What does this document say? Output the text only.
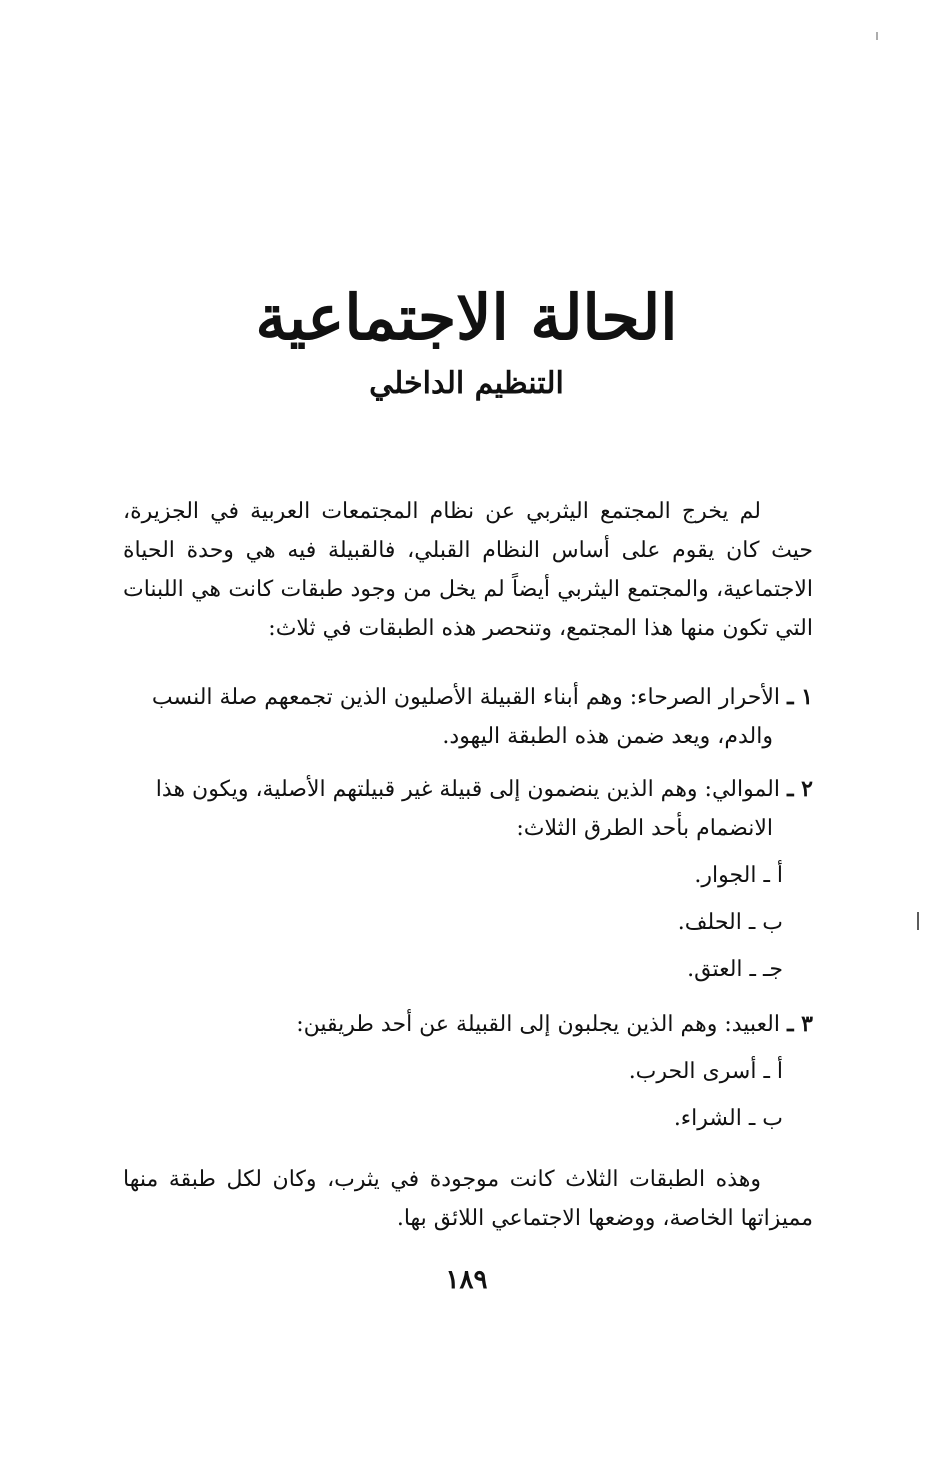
الحالة الاجتماعية
التنظيم الداخلي
لم يخرج المجتمع اليثربي عن نظام المجتمعات العربية في الجزيرة، حيث كان يقوم على أساس النظام القبلي، فالقبيلة فيه هي وحدة الحياة الاجتماعية، والمجتمع اليثربي أيضاً لم يخل من وجود طبقات كانت هي اللبنات التي تكون منها هذا المجتمع، وتنحصر هذه الطبقات في ثلاث:
١ ـ الأحرار الصرحاء: وهم أبناء القبيلة الأصليون الذين تجمعهم صلة النسب
والدم، ويعد ضمن هذه الطبقة اليهود.
٢ ـ الموالي: وهم الذين ينضمون إلى قبيلة غير قبيلتهم الأصلية، ويكون هذا
الانضمام بأحد الطرق الثلاث:
أ ـ الجوار.
ب ـ الحلف.
جـ ـ العتق.
٣ ـ العبيد: وهم الذين يجلبون إلى القبيلة عن أحد طريقين:
أ ـ أسرى الحرب.
ب ـ الشراء.
وهذه الطبقات الثلاث كانت موجودة في يثرب، وكان لكل طبقة منها مميزاتها الخاصة، ووضعها الاجتماعي اللائق بها.
١٨٩
